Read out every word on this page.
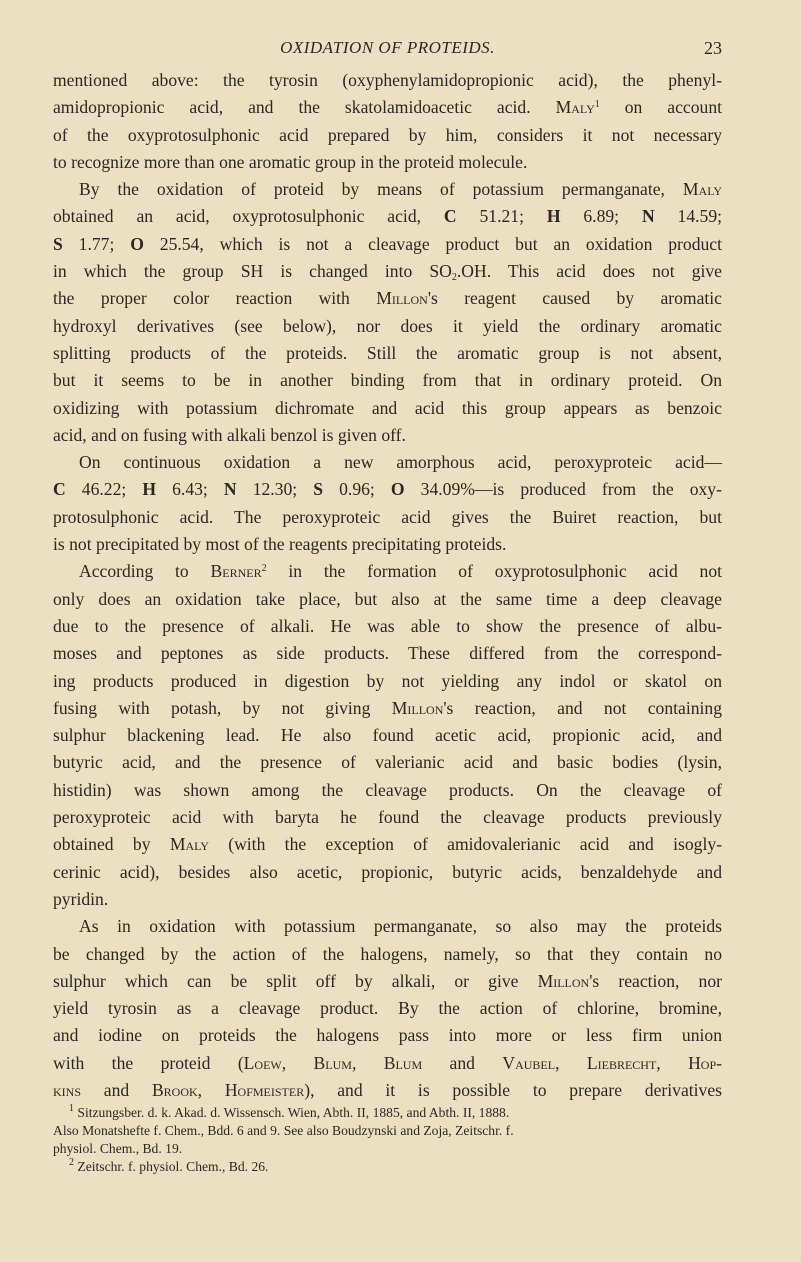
OXIDATION OF PROTEIDS.	23
mentioned above: the tyrosin (oxyphenylamidopropionic acid), the phenyl-
amidopropionic acid, and the skatolamidoacetic acid. Maly$^1$ on account
of the oxyprotosulphonic acid prepared by him, considers it not necessary
to recognize more than one aromatic group in the proteid molecule.
By the oxidation of proteid by means of potassium permanganate, Maly
obtained an acid, oxyprotosulphonic acid, C 51.21; H 6.89; N 14.59;
S 1.77; O 25.54, which is not a cleavage product but an oxidation product
in which the group SH is changed into $SO_2.OH$. This acid does not give
the proper color reaction with Millon's reagent caused by aromatic
hydroxyl derivatives (see below), nor does it yield the ordinary aromatic
splitting products of the proteids. Still the aromatic group is not absent,
but it seems to be in another binding from that in ordinary proteid. On
oxidizing with potassium dichromate and acid this group appears as benzoic
acid, and on fusing with alkali benzol is given off.
On continuous oxidation a new amorphous acid, peroxyproteic acid—
C 46.22; H 6.43; N 12.30; S 0.96; O 34.09%—is produced from the oxy-
protosulphonic acid. The peroxyproteic acid gives the Buiret reaction, but
is not precipitated by most of the reagents precipitating proteids.
According to Berner$^2$ in the formation of oxyprotosulphonic acid not
only does an oxidation take place, but also at the same time a deep cleavage
due to the presence of alkali. He was able to show the presence of albu-
moses and peptones as side products. These differed from the correspond-
ing products produced in digestion by not yielding any indol or skatol on
fusing with potash, by not giving Millon's reaction, and not containing
sulphur blackening lead. He also found acetic acid, propionic acid, and
butyric acid, and the presence of valerianic acid and basic bodies (lysin,
histidin) was shown among the cleavage products. On the cleavage of
peroxyproteic acid with baryta he found the cleavage products previously
obtained by Maly (with the exception of amidovalerianic acid and isogly-
cerinic acid), besides also acetic, propionic, butyric acids, benzaldehyde and
pyridin.
As in oxidation with potassium permanganate, so also may the proteids
be changed by the action of the halogens, namely, so that they contain no
sulphur which can be split off by alkali, or give Millon's reaction, nor
yield tyrosin as a cleavage product. By the action of chlorine, bromine,
and iodine on proteids the halogens pass into more or less firm union
with the proteid (Loew, Blum, Blum and Vaubel, Liebrecht, Hop-
kins and Brook, Hofmeister), and it is possible to prepare derivatives
$^1$ Sitzungsber. d. k. Akad. d. Wissensch. Wien, Abth. II, 1885, and Abth. II, 1888.
Also Monatshefte f. Chem., Bdd. 6 and 9. See also Boudzynski and Zoja, Zeitschr. f.
physiol. Chem., Bd. 19.
$^2$ Zeitschr. f. physiol. Chem., Bd. 26.
